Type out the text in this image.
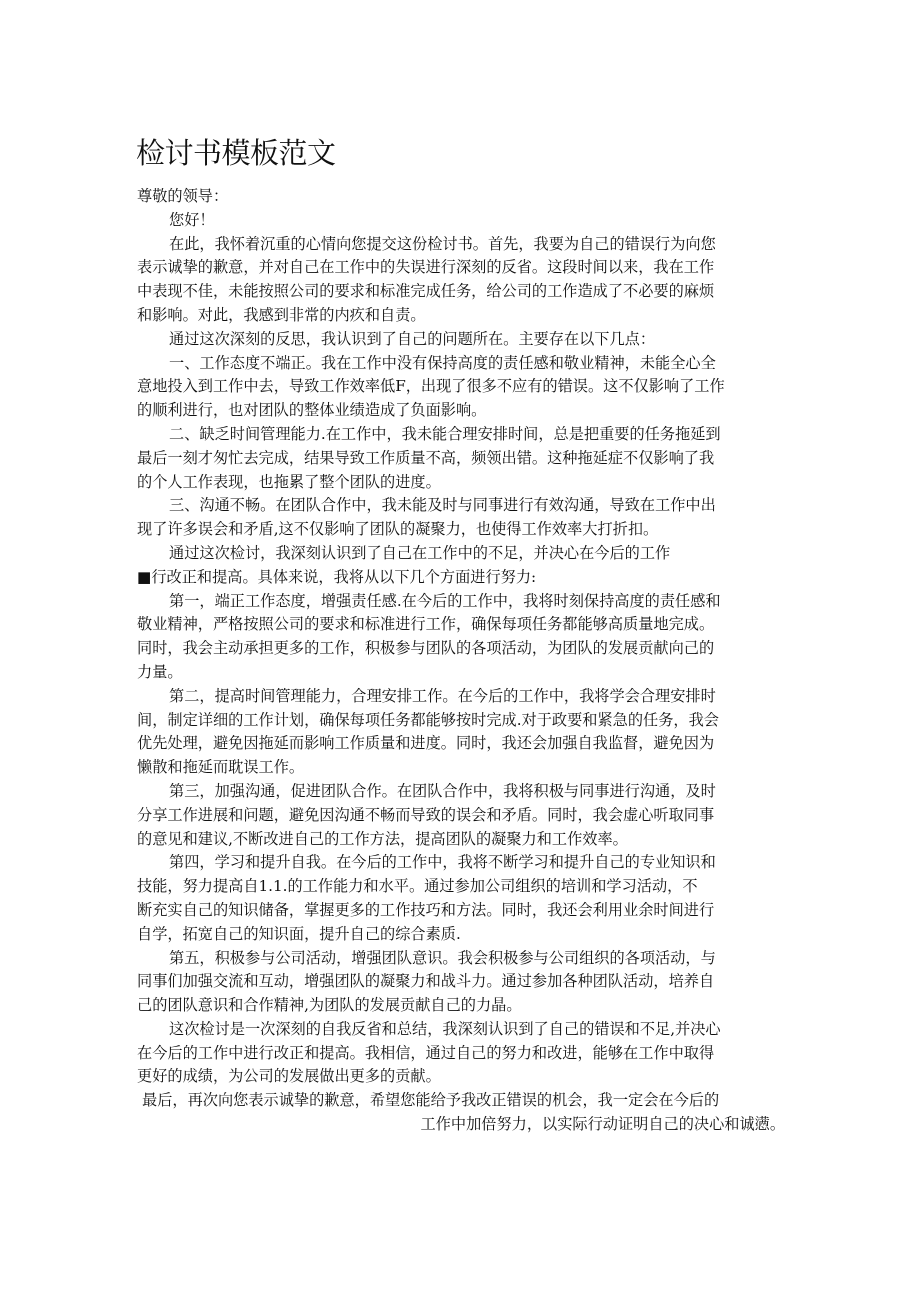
检讨书模板范文
尊敬的领导：
您好！
在此，我怀着沉重的心情向您提交这份检讨书。首先，我要为自己的错误行为向您
表示诚挚的歉意，并对自己在工作中的失误进行深刻的反省。这段时间以来，我在工作
中表现不佳，未能按照公司的要求和标准完成任务，给公司的工作造成了不必要的麻烦
和影响。对此，我感到非常的内疚和自责。
通过这次深刻的反思，我认识到了自己的问题所在。主要存在以下几点：
一、工作态度不端正。我在工作中没有保持高度的责任感和敬业精神，未能全心全
意地投入到工作中去，导致工作效率低F，出现了很多不应有的错误。这不仅影响了工作
的顺利进行，也对团队的整体业绩造成了负面影响。
二、缺乏时间管理能力.在工作中，我未能合理安排时间，总是把重要的任务拖延到
最后一刻才匆忙去完成，结果导致工作质量不高，频领出错。这种拖延症不仅影响了我
的个人工作表现，也拖累了整个团队的进度。
三、沟通不畅。在团队合作中，我未能及时与同事进行有效沟通，导致在工作中出
现了许多误会和矛盾,这不仅影响了团队的凝聚力，也使得工作效率大打折扣。
通过这次检讨，我深刻认识到了自己在工作中的不足，并决心在今后的工作
■行改正和提高。具体来说，我将从以下几个方面进行努力:
第一，端正工作态度，增强责任感.在今后的工作中，我将时刻保持高度的责任感和
敬业精神，严格按照公司的要求和标准进行工作，确保每项任务都能够高质量地完成。
同时，我会主动承担更多的工作，积极参与团队的各项活动，为团队的发展贡献向己的
力量。
第二，提高时间管理能力，合理安排工作。在今后的工作中，我将学会合理安排时
间，制定详细的工作计划，确保每项任务都能够按时完成.对于政要和紧急的任务，我会
优先处理，避免因拖延而影响工作质量和进度。同时，我还会加强自我监督，避免因为
懒散和拖延而耽误工作。
第三，加强沟通，促进团队合作。在团队合作中，我将积极与同事进行沟通，及时
分享工作进展和问题，避免因沟通不畅而导致的误会和矛盾。同时，我会虚心听取同事
的意见和建议,不断改进自己的工作方法，提高团队的凝聚力和工作效率。
第四，学习和提升自我。在今后的工作中，我将不断学习和提升自己的专业知识和
技能，努力提高自1.1.的工作能力和水平。通过参加公司组织的培训和学习活动，不
断充实自己的知识储备，掌握更多的工作技巧和方法。同时，我还会利用业余时间进行
自学，拓宽自己的知识面，提升自己的综合素质.
第五，积极参与公司活动，增强团队意识。我会积极参与公司组织的各项活动，与
同事们加强交流和互动，增强团队的凝聚力和战斗力。通过参加各种团队活动，培养自
己的团队意识和合作精神,为团队的发展贡献自己的力晶。
这次检讨是一次深刻的自我反省和总结，我深刻认识到了自己的错误和不足,并决心
在今后的工作中进行改正和提高。我相信，通过自己的努力和改进，能够在工作中取得
更好的成绩，为公司的发展做出更多的贡献。
最后，再次向您表示诚挚的歉意，希望您能给予我改正错误的机会，我一定会在今后的
工作中加倍努力，以实际行动证明自己的决心和诚懑。
